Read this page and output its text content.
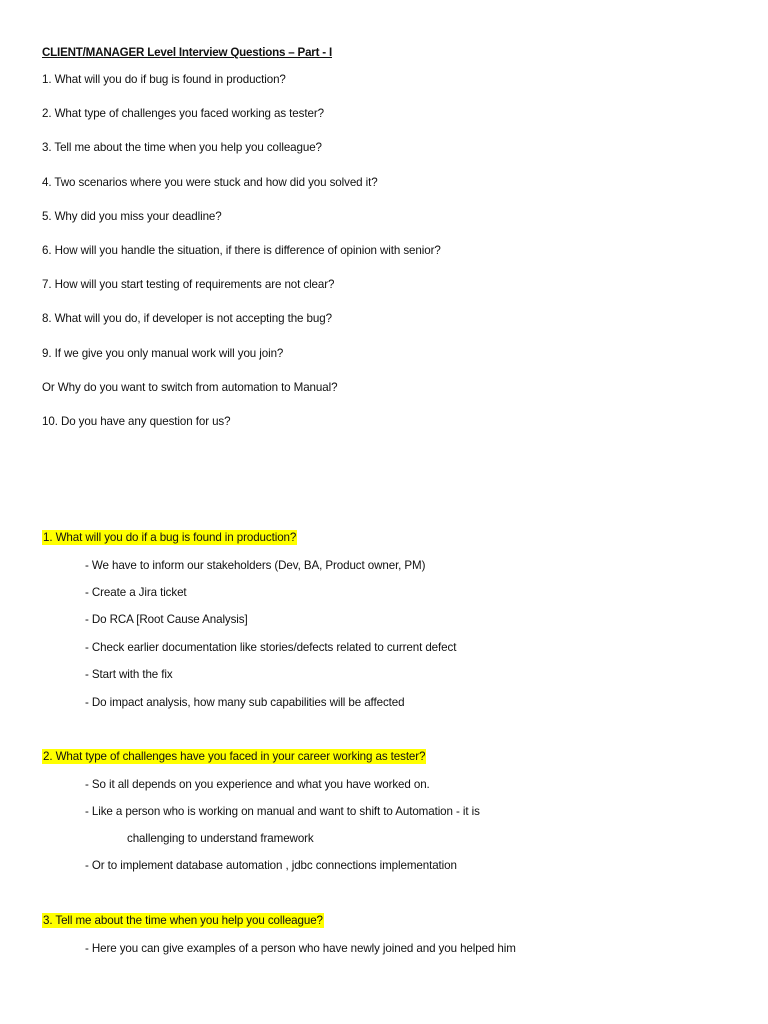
CLIENT/MANAGER Level Interview Questions – Part - I
1. What will you do if bug is found in production?
2. What type of challenges you faced working as tester?
3. Tell me about the time when you help you colleague?
4. Two scenarios where you were stuck and how did you solved it?
5. Why did you miss your deadline?
6. How will you handle the situation, if there is difference of opinion with senior?
7. How will you start testing of requirements are not clear?
8. What will you do, if developer is not accepting the bug?
9. If we give you only manual work will you join?
Or Why do you want to switch from automation to Manual?
10. Do you have any question for us?
1. What will you do if a bug is found in production?
- We have to inform our stakeholders (Dev, BA, Product owner, PM)
- Create a Jira ticket
- Do RCA [Root Cause Analysis]
- Check earlier documentation like stories/defects related to current defect
- Start with the fix
- Do impact analysis, how many sub capabilities will be affected
2. What type of challenges have you faced in your career working as tester?
- So it all depends on you experience and what you have worked on.
- Like a person who is working on manual and want to shift to Automation - it is
challenging to understand framework
- Or to implement database automation , jdbc connections implementation
3. Tell me about the time when you help you colleague?
- Here you can give examples of a person who have newly joined and you helped him
